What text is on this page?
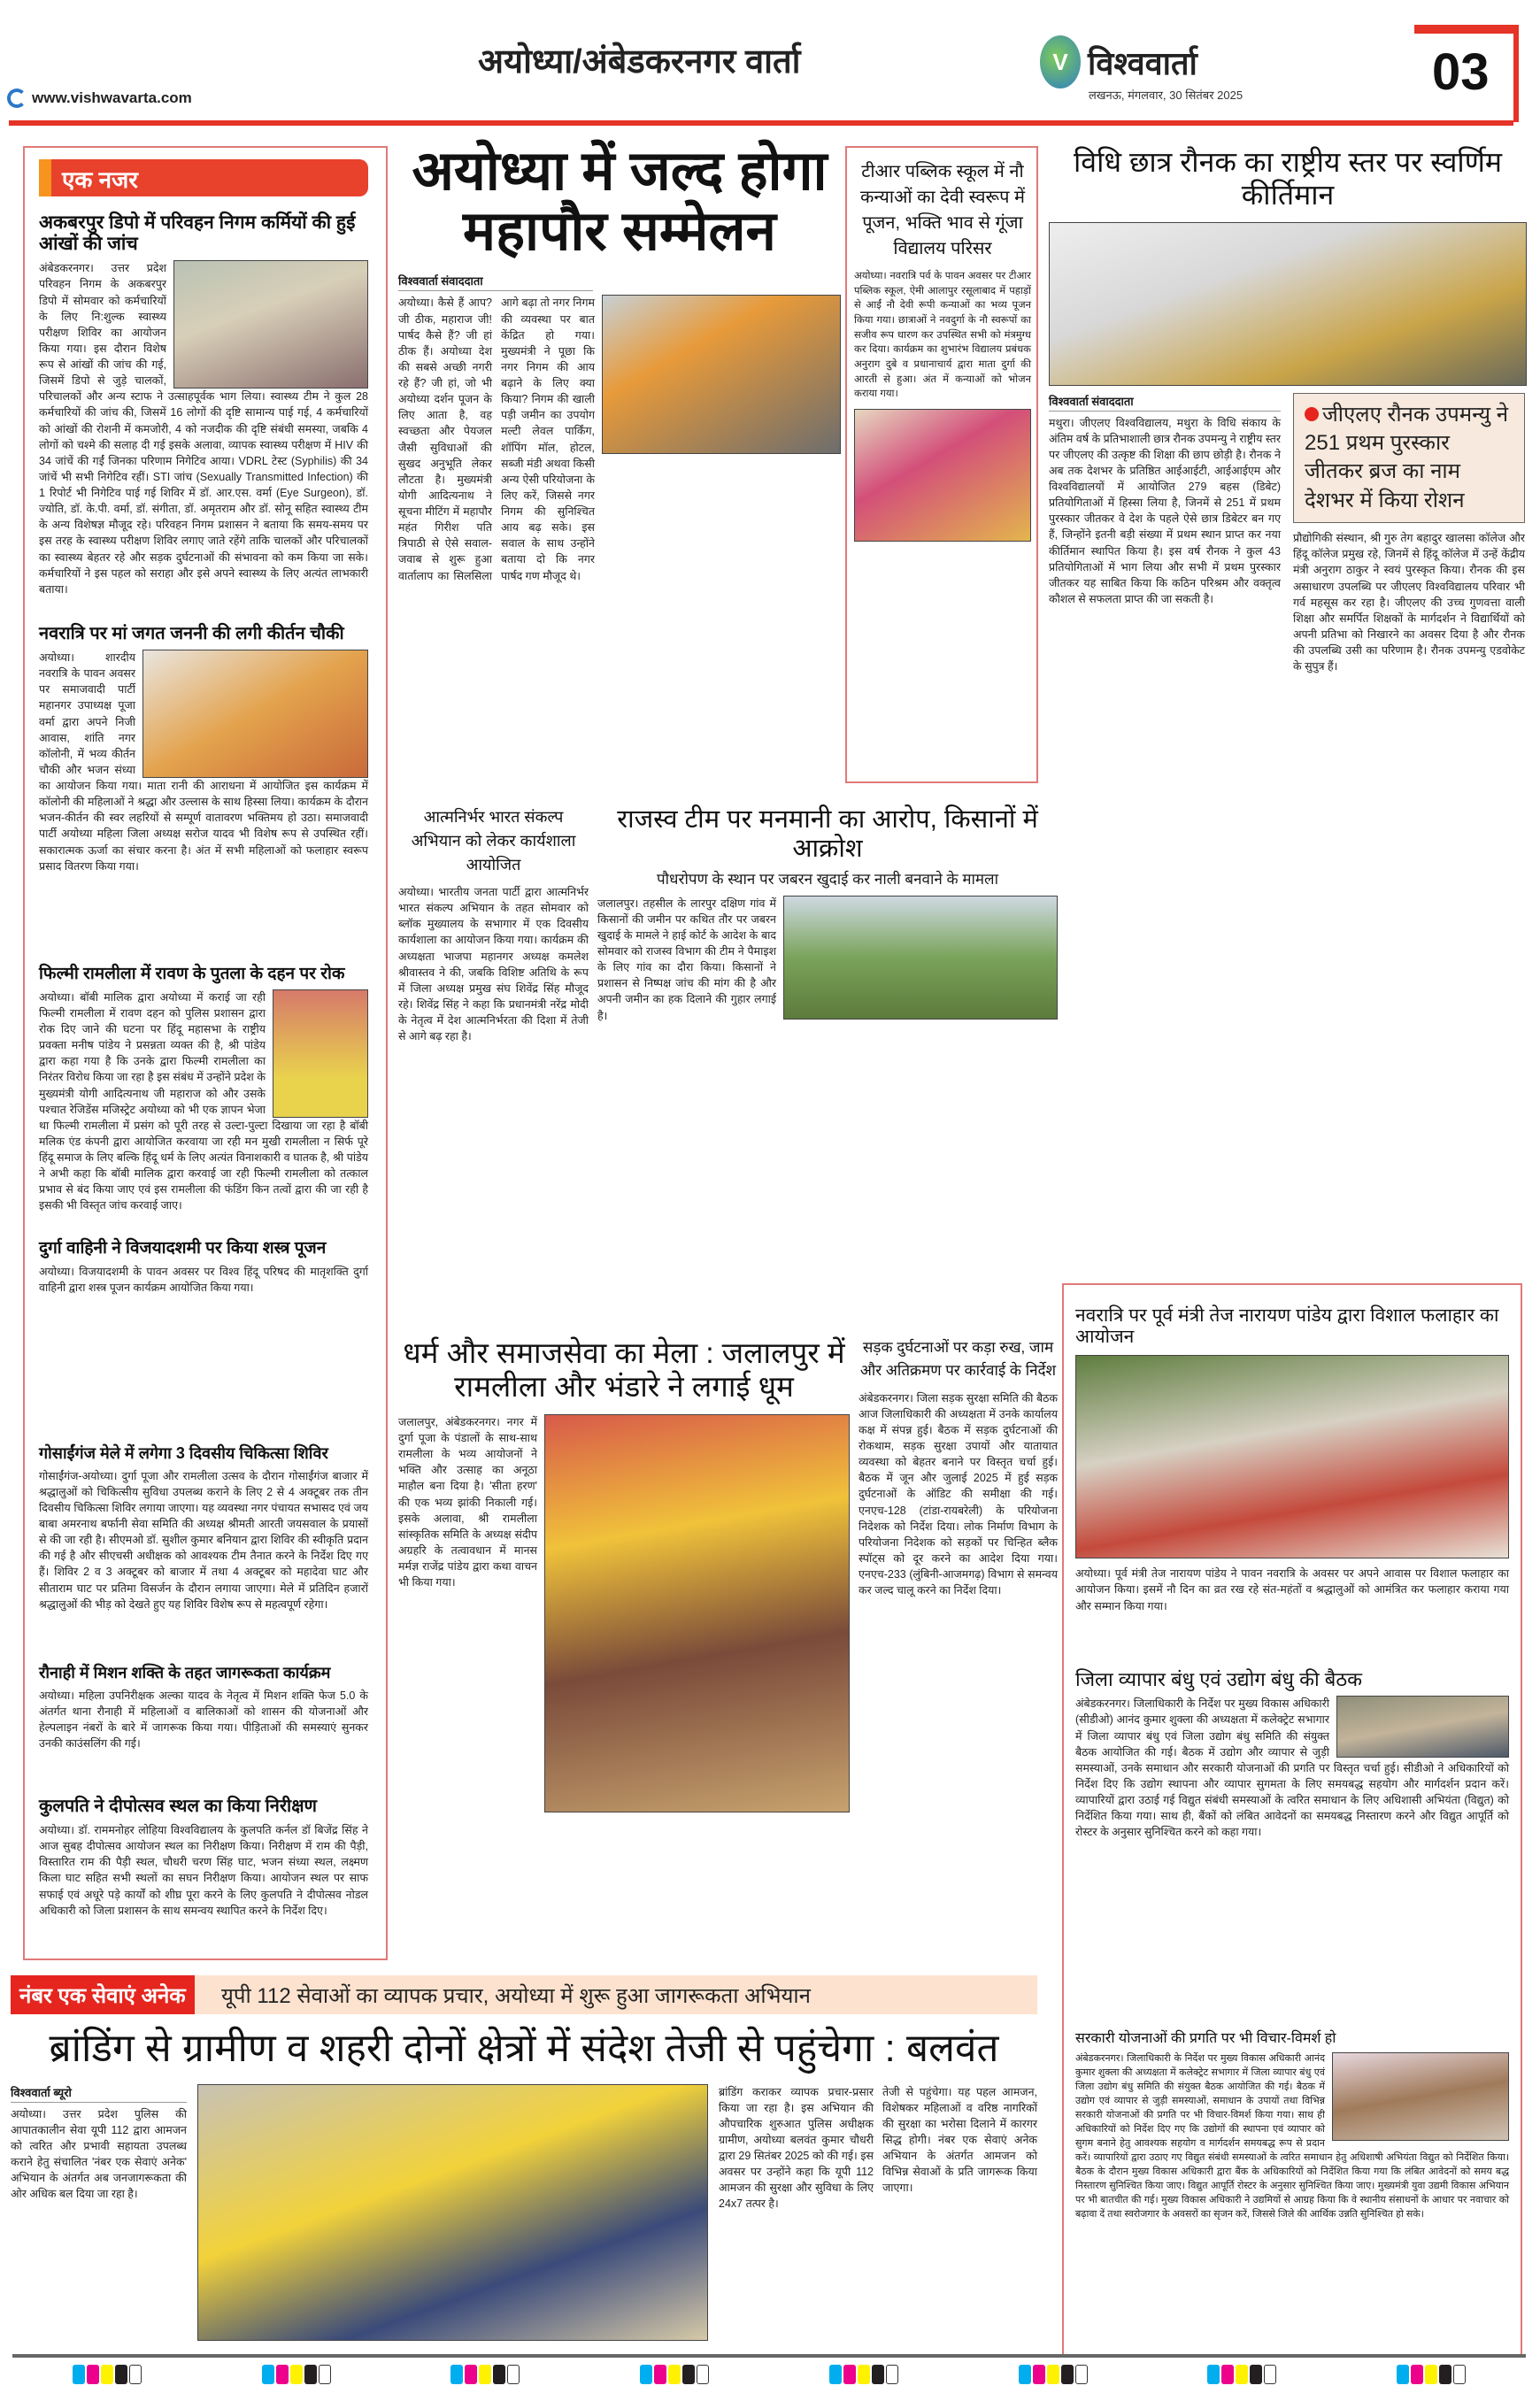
www.vishwavarta.com
अयोध्या/अंबेडकरनगर वार्ता	V विश्ववार्ता
लखनऊ, मंगलवार, 30 सितंबर 2025	03
एक नजर
अकबरपुर डिपो में परिवहन निगम कर्मियों की हुई आंखों की जांच
अंबेडकरनगर। उत्तर प्रदेश परिवहन निगम के अकबरपुर डिपो में सोमवार को कर्मचारियों के लिए नि:शुल्क स्वास्थ्य परीक्षण शिविर का आयोजन किया गया। इस दौरान विशेष रूप से आंखों की जांच की गई, जिसमें डिपो से जुड़े चालकों, परिचालकों और अन्य स्टाफ ने उत्साहपूर्वक भाग लिया। स्वास्थ्य टीम ने कुल 28 कर्मचारियों की जांच की, जिसमें 16 लोगों की दृष्टि सामान्य पाई गई, 4 कर्मचारियों को आंखों की रोशनी में कमजोरी, 4 को नजदीक की दृष्टि संबंधी समस्या, जबकि 4 लोगों को चश्मे की सलाह दी गई इसके अलावा, व्यापक स्वास्थ्य परीक्षण में HIV की 34 जांचें की गईं जिनका परिणाम निगेटिव आया। VDRL टेस्ट (Syphilis) की 34 जांचें भी सभी निगेटिव रहीं। STI जांच (Sexually Transmitted Infection) की 1 रिपोर्ट भी निगेटिव पाई गई शिविर में डॉ. आर.एस. वर्मा (Eye Surgeon), डॉ. ज्योति, डॉ. के.पी. वर्मा, डॉ. संगीता, डॉ. अमृतराम और डॉ. सोनू सहित स्वास्थ्य टीम के अन्य विशेषज्ञ मौजूद रहे। परिवहन निगम प्रशासन ने बताया कि समय-समय पर इस तरह के स्वास्थ्य परीक्षण शिविर लगाए जाते रहेंगे ताकि चालकों और परिचालकों का स्वास्थ्य बेहतर रहे और सड़क दुर्घटनाओं की संभावना को कम किया जा सके। कर्मचारियों ने इस पहल को सराहा और इसे अपने स्वास्थ्य के लिए अत्यंत लाभकारी बताया।
नवरात्रि पर मां जगत जननी की लगी कीर्तन चौकी
अयोध्या। शारदीय नवरात्रि के पावन अवसर पर समाजवादी पार्टी महानगर उपाध्यक्ष पूजा वर्मा द्वारा अपने निजी आवास, शांति नगर कॉलोनी, में भव्य कीर्तन चौकी और भजन संध्या का आयोजन किया गया। माता रानी की आराधना में आयोजित इस कार्यक्रम में कॉलोनी की महिलाओं ने श्रद्धा और उल्लास के साथ हिस्सा लिया। कार्यक्रम के दौरान भजन-कीर्तन की स्वर लहरियों से सम्पूर्ण वातावरण भक्तिमय हो उठा। समाजवादी पार्टी अयोध्या महिला जिला अध्यक्ष सरोज यादव भी विशेष रूप से उपस्थित रहीं। सकारात्मक ऊर्जा का संचार करना है। अंत में सभी महिलाओं को फलाहार स्वरूप प्रसाद वितरण किया गया।
फिल्मी रामलीला में रावण के पुतला के दहन पर रोक
अयोध्या। बॉबी मालिक द्वारा अयोध्या में कराई जा रही फिल्मी रामलीला में रावण दहन को पुलिस प्रशासन द्वारा रोक दिए जाने की घटना पर हिंदू महासभा के राष्ट्रीय प्रवक्ता मनीष पांडेय ने प्रसन्नता व्यक्त की है, श्री पांडेय द्वारा कहा गया है कि उनके द्वारा फिल्मी रामलीला का निरंतर विरोध किया जा रहा है इस संबंध में उन्होंने प्रदेश के मुख्यमंत्री योगी आदित्यनाथ जी महाराज को और उसके पश्चात रेजिडेंस मजिस्ट्रेट अयोध्या को भी एक ज्ञापन भेजा था फिल्मी रामलीला में प्रसंग को पूरी तरह से उल्टा-पुल्टा दिखाया जा रहा है बॉबी मलिक एंड कंपनी द्वारा आयोजित करवाया जा रही मन मुखी रामलीला न सिर्फ पूरे हिंदू समाज के लिए बल्कि हिंदू धर्म के लिए अत्यंत विनाशकारी व घातक है, श्री पांडेय ने अभी कहा कि बॉबी मालिक द्वारा करवाई जा रही फिल्मी रामलीला को तत्काल प्रभाव से बंद किया जाए एवं इस रामलीला की फंडिंग किन तत्वों द्वारा की जा रही है इसकी भी विस्तृत जांच करवाई जाए।
दुर्गा वाहिनी ने विजयादशमी पर किया शस्त्र पूजन
अयोध्या। विजयादशमी के पावन अवसर पर विश्व हिंदू परिषद की मातृशक्ति दुर्गा वाहिनी द्वारा शस्त्र पूजन कार्यक्रम आयोजित किया गया।
गोसाईंगंज मेले में लगेगा 3 दिवसीय चिकित्सा शिविर
गोसाईंगंज-अयोध्या। दुर्गा पूजा और रामलीला उत्सव के दौरान गोसाईंगंज बाजार में श्रद्धालुओं को चिकित्सीय सुविधा उपलब्ध कराने के लिए 2 से 4 अक्टूबर तक तीन दिवसीय चिकित्सा शिविर लगाया जाएगा। यह व्यवस्था नगर पंचायत सभासद एवं जय बाबा अमरनाथ बर्फानी सेवा समिति की अध्यक्ष श्रीमती आरती जयसवाल के प्रयासों से की जा रही है। सीएमओ डॉ. सुशील कुमार बनियान द्वारा शिविर की स्वीकृति प्रदान की गई है और सीएचसी अधीक्षक को आवश्यक टीम तैनात करने के निर्देश दिए गए हैं। शिविर 2 व 3 अक्टूबर को बाजार में तथा 4 अक्टूबर को महादेवा घाट और सीताराम घाट पर प्रतिमा विसर्जन के दौरान लगाया जाएगा। मेले में प्रतिदिन हजारों श्रद्धालुओं की भीड़ को देखते हुए यह शिविर विशेष रूप से महत्वपूर्ण रहेगा।
रौनाही में मिशन शक्ति के तहत जागरूकता कार्यक्रम
अयोध्या। महिला उपनिरीक्षक अल्का यादव के नेतृत्व में मिशन शक्ति फेज 5.0 के अंतर्गत थाना रौनाही में महिलाओं व बालिकाओं को शासन की योजनाओं और हेल्पलाइन नंबरों के बारे में जागरूक किया गया। पीड़िताओं की समस्याएं सुनकर उनकी काउंसलिंग की गई।
कुलपति ने दीपोत्सव स्थल का किया निरीक्षण
अयोध्या। डॉ. राममनोहर लोहिया विश्वविद्यालय के कुलपति कर्नल डॉ बिजेंद्र सिंह ने आज सुबह दीपोत्सव आयोजन स्थल का निरीक्षण किया। निरीक्षण में राम की पैड़ी, विस्तारित राम की पैड़ी स्थल, चौधरी चरण सिंह घाट, भजन संध्या स्थल, लक्ष्मण किला घाट सहित सभी स्थलों का सघन निरीक्षण किया। आयोजन स्थल पर साफ सफाई एवं अधूरे पड़े कार्यों को शीघ्र पूरा करने के लिए कुलपति ने दीपोत्सव नोडल अधिकारी को जिला प्रशासन के साथ समन्वय स्थापित करने के निर्देश दिए।
अयोध्या में जल्द होगा महापौर सम्मेलन
विश्ववार्ता संवाददाता
अयोध्या। कैसे हैं आप? जी ठीक, महाराज जी! पार्षद कैसे हैं? जी हां ठीक हैं। अयोध्या देश की सबसे अच्छी नगरी रहे हैं? जी हां, जो भी अयोध्या दर्शन पूजन के लिए आता है, वह स्वच्छता और पेयजल जैसी सुविधाओं की सुखद अनुभूति लेकर लौटता है। मुख्यमंत्री योगी आदित्यनाथ ने सूचना मीटिंग में महापौर महंत गिरीश पति त्रिपाठी से ऐसे सवाल-जवाब से शुरू हुआ वार्तालाप का सिलसिला आगे बढ़ा तो नगर निगम की व्यवस्था पर बात केंद्रित हो गया। मुख्यमंत्री ने पूछा कि नगर निगम की आय बढ़ाने के लिए क्या किया? निगम की खाली पड़ी जमीन का उपयोग मल्टी लेवल पार्किंग, शॉपिंग मॉल, होटल, सब्जी मंडी अथवा किसी अन्य ऐसी परियोजना के लिए करें, जिससे नगर निगम की सुनिश्चित आय बढ़ सके। इस सवाल के साथ उन्होंने बताया दो कि नगर पार्षद गण मौजूद थे।
टीआर पब्लिक स्कूल में नौ कन्याओं का देवी स्वरूप में पूजन, भक्ति भाव से गूंजा विद्यालय परिसर
अयोध्या। नवरात्रि पर्व के पावन अवसर पर टीआर पब्लिक स्कूल, ऐमी आलापुर रसूलाबाद में पहाड़ों से आईं नौ देवी रूपी कन्याओं का भव्य पूजन किया गया। छात्राओं ने नवदुर्गा के नौ स्वरूपों का सजीव रूप धारण कर उपस्थित सभी को मंत्रमुग्ध कर दिया। कार्यक्रम का शुभारंभ विद्यालय प्रबंधक अनुराग दुबे व प्रधानाचार्य द्वारा माता दुर्गा की आरती से हुआ। अंत में कन्याओं को भोजन कराया गया।
विधि छात्र रौनक का राष्ट्रीय स्तर पर स्वर्णिम कीर्तिमान
विश्ववार्ता संवाददाता
मथुरा। जीएलए विश्वविद्यालय, मथुरा के विधि संकाय के अंतिम वर्ष के प्रतिभाशाली छात्र रौनक उपमन्यु ने राष्ट्रीय स्तर पर जीएलए की उत्कृष्ट की शिक्षा की छाप छोड़ी है। रौनक ने अब तक देशभर के प्रतिष्ठित आईआईटी, आईआईएम और विश्वविद्यालयों में आयोजित 279 बहस (डिबेट) प्रतियोगिताओं में हिस्सा लिया है, जिनमें से 251 में प्रथम पुरस्कार जीतकर वे देश के पहले ऐसे छात्र डिबेटर बन गए हैं, जिन्होंने इतनी बड़ी संख्या में प्रथम स्थान प्राप्त कर नया कीर्तिमान स्थापित किया है। इस वर्ष रौनक ने कुल 43 प्रतियोगिताओं में भाग लिया और सभी में प्रथम पुरस्कार जीतकर यह साबित किया कि कठिन परिश्रम और वक्तृत्व कौशल से सफलता प्राप्त की जा सकती है।
जीएलए रौनक उपमन्यु ने 251 प्रथम पुरस्कार जीतकर ब्रज का नाम देशभर में किया रोशन
प्रौद्योगिकी संस्थान, श्री गुरु तेग बहादुर खालसा कॉलेज और हिंदू कॉलेज प्रमुख रहे, जिनमें से हिंदू कॉलेज में उन्हें केंद्रीय मंत्री अनुराग ठाकुर ने स्वयं पुरस्कृत किया। रौनक की इस असाधारण उपलब्धि पर जीएलए विश्वविद्यालय परिवार भी गर्व महसूस कर रहा है। जीएलए की उच्च गुणवत्ता वाली शिक्षा और समर्पित शिक्षकों के मार्गदर्शन ने विद्यार्थियों को अपनी प्रतिभा को निखारने का अवसर दिया है और रौनक की उपलब्धि उसी का परिणाम है। रौनक उपमन्यु एडवोकेट के सुपुत्र हैं।
आत्मनिर्भर भारत संकल्प अभियान को लेकर कार्यशाला आयोजित
अयोध्या। भारतीय जनता पार्टी द्वारा आत्मनिर्भर भारत संकल्प अभियान के तहत सोमवार को ब्लॉक मुख्यालय के सभागार में एक दिवसीय कार्यशाला का आयोजन किया गया। कार्यक्रम की अध्यक्षता भाजपा महानगर अध्यक्ष कमलेश श्रीवास्तव ने की, जबकि विशिष्ट अतिथि के रूप में जिला अध्यक्ष प्रमुख संघ शिवेंद्र सिंह मौजूद रहे। शिवेंद्र सिंह ने कहा कि प्रधानमंत्री नरेंद्र मोदी के नेतृत्व में देश आत्मनिर्भरता की दिशा में तेजी से आगे बढ़ रहा है।
राजस्व टीम पर मनमानी का आरोप, किसानों में आक्रोश
पौधरोपण के स्थान पर जबरन खुदाई कर नाली बनवाने के मामला
जलालपुर। तहसील के लारपुर दक्षिण गांव में किसानों की जमीन पर कथित तौर पर जबरन खुदाई के मामले ने हाई कोर्ट के आदेश के बाद सोमवार को राजस्व विभाग की टीम ने पैमाइश के लिए गांव का दौरा किया। किसानों ने प्रशासन से निष्पक्ष जांच की मांग की है और अपनी जमीन का हक दिलाने की गुहार लगाई है।
धर्म और समाजसेवा का मेला : जलालपुर में रामलीला और भंडारे ने लगाई धूम
जलालपुर, अंबेडकरनगर। नगर में दुर्गा पूजा के पंडालों के साथ-साथ रामलीला के भव्य आयोजनों ने भक्ति और उत्साह का अनूठा माहौल बना दिया है। 'सीता हरण' की एक भव्य झांकी निकाली गई। इसके अलावा, श्री रामलीला सांस्कृतिक समिति के अध्यक्ष संदीप अग्रहरि के तत्वावधान में मानस मर्मज्ञ राजेंद्र पांडेय द्वारा कथा वाचन भी किया गया।
सड़क दुर्घटनाओं पर कड़ा रुख, जाम और अतिक्रमण पर कार्रवाई के निर्देश
अंबेडकरनगर। जिला सड़क सुरक्षा समिति की बैठक आज जिलाधिकारी की अध्यक्षता में उनके कार्यालय कक्ष में संपन्न हुई। बैठक में सड़क दुर्घटनाओं की रोकथाम, सड़क सुरक्षा उपायों और यातायात व्यवस्था को बेहतर बनाने पर विस्तृत चर्चा हुई। बैठक में जून और जुलाई 2025 में हुई सड़क दुर्घटनाओं के ऑडिट की समीक्षा की गई। एनएच-128 (टांडा-रायबरेली) के परियोजना निदेशक को निर्देश दिया। लोक निर्माण विभाग के परियोजना निदेशक को सड़कों पर चिन्हित ब्लैक स्पॉट्स को दूर करने का आदेश दिया गया। एनएच-233 (लुंबिनी-आजमगढ़) विभाग से समन्वय कर जल्द चालू करने का निर्देश दिया।
नवरात्रि पर पूर्व मंत्री तेज नारायण पांडेय द्वारा विशाल फलाहार का आयोजन
अयोध्या। पूर्व मंत्री तेज नारायण पांडेय ने पावन नवरात्रि के अवसर पर अपने आवास पर विशाल फलाहार का आयोजन किया। इसमें नौ दिन का व्रत रख रहे संत-महंतों व श्रद्धालुओं को आमंत्रित कर फलाहार कराया गया और सम्मान किया गया।
जिला व्यापार बंधु एवं उद्योग बंधु की बैठक
अंबेडकरनगर। जिलाधिकारी के निर्देश पर मुख्य विकास अधिकारी (सीडीओ) आनंद कुमार शुक्ला की अध्यक्षता में कलेक्ट्रेट सभागार में जिला व्यापार बंधु एवं जिला उद्योग बंधु समिति की संयुक्त बैठक आयोजित की गई। बैठक में उद्योग और व्यापार से जुड़ी समस्याओं, उनके समाधान और सरकारी योजनाओं की प्रगति पर विस्तृत चर्चा हुई। सीडीओ ने अधिकारियों को निर्देश दिए कि उद्योग स्थापना और व्यापार सुगमता के लिए समयबद्ध सहयोग और मार्गदर्शन प्रदान करें। व्यापारियों द्वारा उठाई गई विद्युत संबंधी समस्याओं के त्वरित समाधान के लिए अधिशासी अभियंता (विद्युत) को निर्देशित किया गया। साथ ही, बैंकों को लंबित आवेदनों का समयबद्ध निस्तारण करने और विद्युत आपूर्ति को रोस्टर के अनुसार सुनिश्चित करने को कहा गया।
सरकारी योजनाओं की प्रगति पर भी विचार-विमर्श हो
अंबेडकरनगर। जिलाधिकारी के निर्देश पर मुख्य विकास अधिकारी आनंद कुमार शुक्ला की अध्यक्षता में कलेक्ट्रेट सभागार में जिला व्यापार बंधु एवं जिला उद्योग बंधु समिति की संयुक्त बैठक आयोजित की गई। बैठक में उद्योग एवं व्यापार से जुड़ी समस्याओं, समाधान के उपायों तथा विभिन्न सरकारी योजनाओं की प्रगति पर भी विचार-विमर्श किया गया। साथ ही अधिकारियों को निर्देश दिए गए कि उद्योगों की स्थापना एवं व्यापार को सुगम बनाने हेतु आवश्यक सहयोग व मार्गदर्शन समयबद्ध रूप से प्रदान करें। व्यापारियों द्वारा उठाए गए विद्युत संबंधी समस्याओं के त्वरित समाधान हेतु अधिशाषी अभियंता विद्युत को निर्देशित किया। बैठक के दौरान मुख्य विकास अधिकारी द्वारा बैंक के अधिकारियों को निर्देशित किया गया कि लंबित आवेदनों को समय बद्ध निस्तारण सुनिश्चित किया जाए। विद्युत आपूर्ति रोस्टर के अनुसार सुनिश्चित किया जाए। मुख्यमंत्री युवा उद्यमी विकास अभियान पर भी बातचीत की गई। मुख्य विकास अधिकारी ने उद्यमियों से आग्रह किया कि वे स्थानीय संसाधनों के आधार पर नवाचार को बढ़ावा दें तथा स्वरोजगार के अवसरों का सृजन करें, जिससे जिले की आर्थिक उन्नति सुनिश्चित हो सके।
नंबर एक सेवाएं अनेक	यूपी 112 सेवाओं का व्यापक प्रचार, अयोध्या में शुरू हुआ जागरूकता अभियान
ब्रांडिंग से ग्रामीण व शहरी दोनों क्षेत्रों में संदेश तेजी से पहुंचेगा : बलवंत
विश्ववार्ता ब्यूरो
अयोध्या। उत्तर प्रदेश पुलिस की आपातकालीन सेवा यूपी 112 द्वारा आमजन को त्वरित और प्रभावी सहायता उपलब्ध कराने हेतु संचालित 'नंबर एक सेवाएं अनेक' अभियान के अंतर्गत अब जनजागरूकता की ओर अधिक बल दिया जा रहा है।
ब्रांडिंग कराकर व्यापक प्रचार-प्रसार किया जा रहा है। इस अभियान की औपचारिक शुरुआत पुलिस अधीक्षक ग्रामीण, अयोध्या बलवंत कुमार चौधरी द्वारा 29 सितंबर 2025 को की गई। इस अवसर पर उन्होंने कहा कि यूपी 112 आमजन की सुरक्षा और सुविधा के लिए 24x7 तत्पर है।
तेजी से पहुंचेगा। यह पहल आमजन, विशेषकर महिलाओं व वरिष्ठ नागरिकों की सुरक्षा का भरोसा दिलाने में कारगर सिद्ध होगी। नंबर एक सेवाएं अनेक अभियान के अंतर्गत आमजन को विभिन्न सेवाओं के प्रति जागरूक किया जाएगा।
